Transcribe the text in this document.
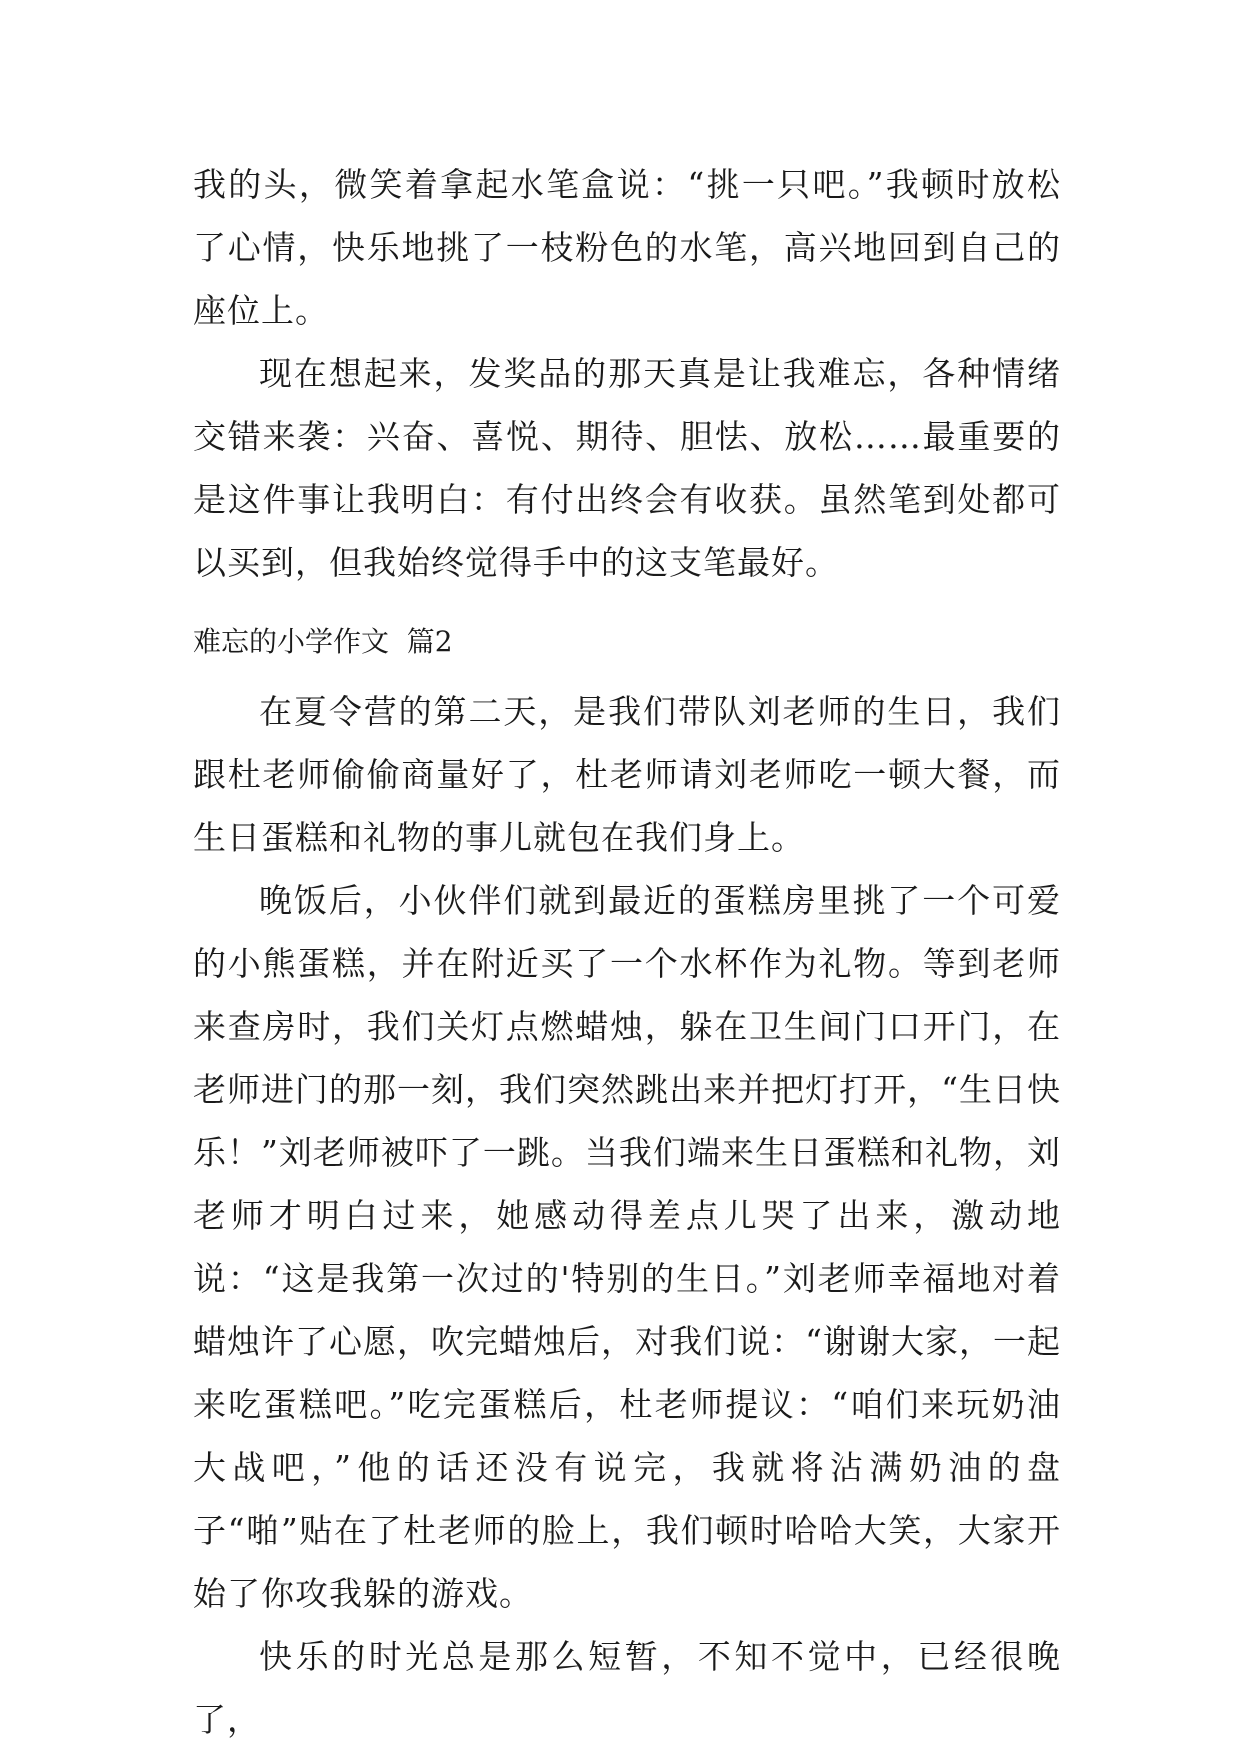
我的头，微笑着拿起水笔盒说：“挑一只吧。”我顿时放松了心情，快乐地挑了一枝粉色的水笔，高兴地回到自己的座位上。

现在想起来，发奖品的那天真是让我难忘，各种情绪交错来袭：兴奋、喜悦、期待、胆怯、放松……最重要的是这件事让我明白：有付出终会有收获。虽然笔到处都可以买到，但我始终觉得手中的这支笔最好。

难忘的小学作文  篇2

在夏令营的第二天，是我们带队刘老师的生日，我们跟杜老师偷偷商量好了，杜老师请刘老师吃一顿大餐，而生日蛋糕和礼物的事儿就包在我们身上。

晚饭后，小伙伴们就到最近的蛋糕房里挑了一个可爱的小熊蛋糕，并在附近买了一个水杯作为礼物。等到老师来查房时，我们关灯点燃蜡烛，躲在卫生间门口开门，在老师进门的那一刻，我们突然跳出来并把灯打开，“生日快乐！”刘老师被吓了一跳。当我们端来生日蛋糕和礼物，刘老师才明白过来，她感动得差点儿哭了出来，激动地说：“这是我第一次过的'特别的生日。”刘老师幸福地对着蜡烛许了心愿，吹完蜡烛后，对我们说：“谢谢大家，一起来吃蛋糕吧。”吃完蛋糕后，杜老师提议：“咱们来玩奶油大战吧，”他的话还没有说完，我就将沾满奶油的盘子“啪”贴在了杜老师的脸上，我们顿时哈哈大笑，大家开始了你攻我躲的游戏。

快乐的时光总是那么短暂，不知不觉中，已经很晚了，
